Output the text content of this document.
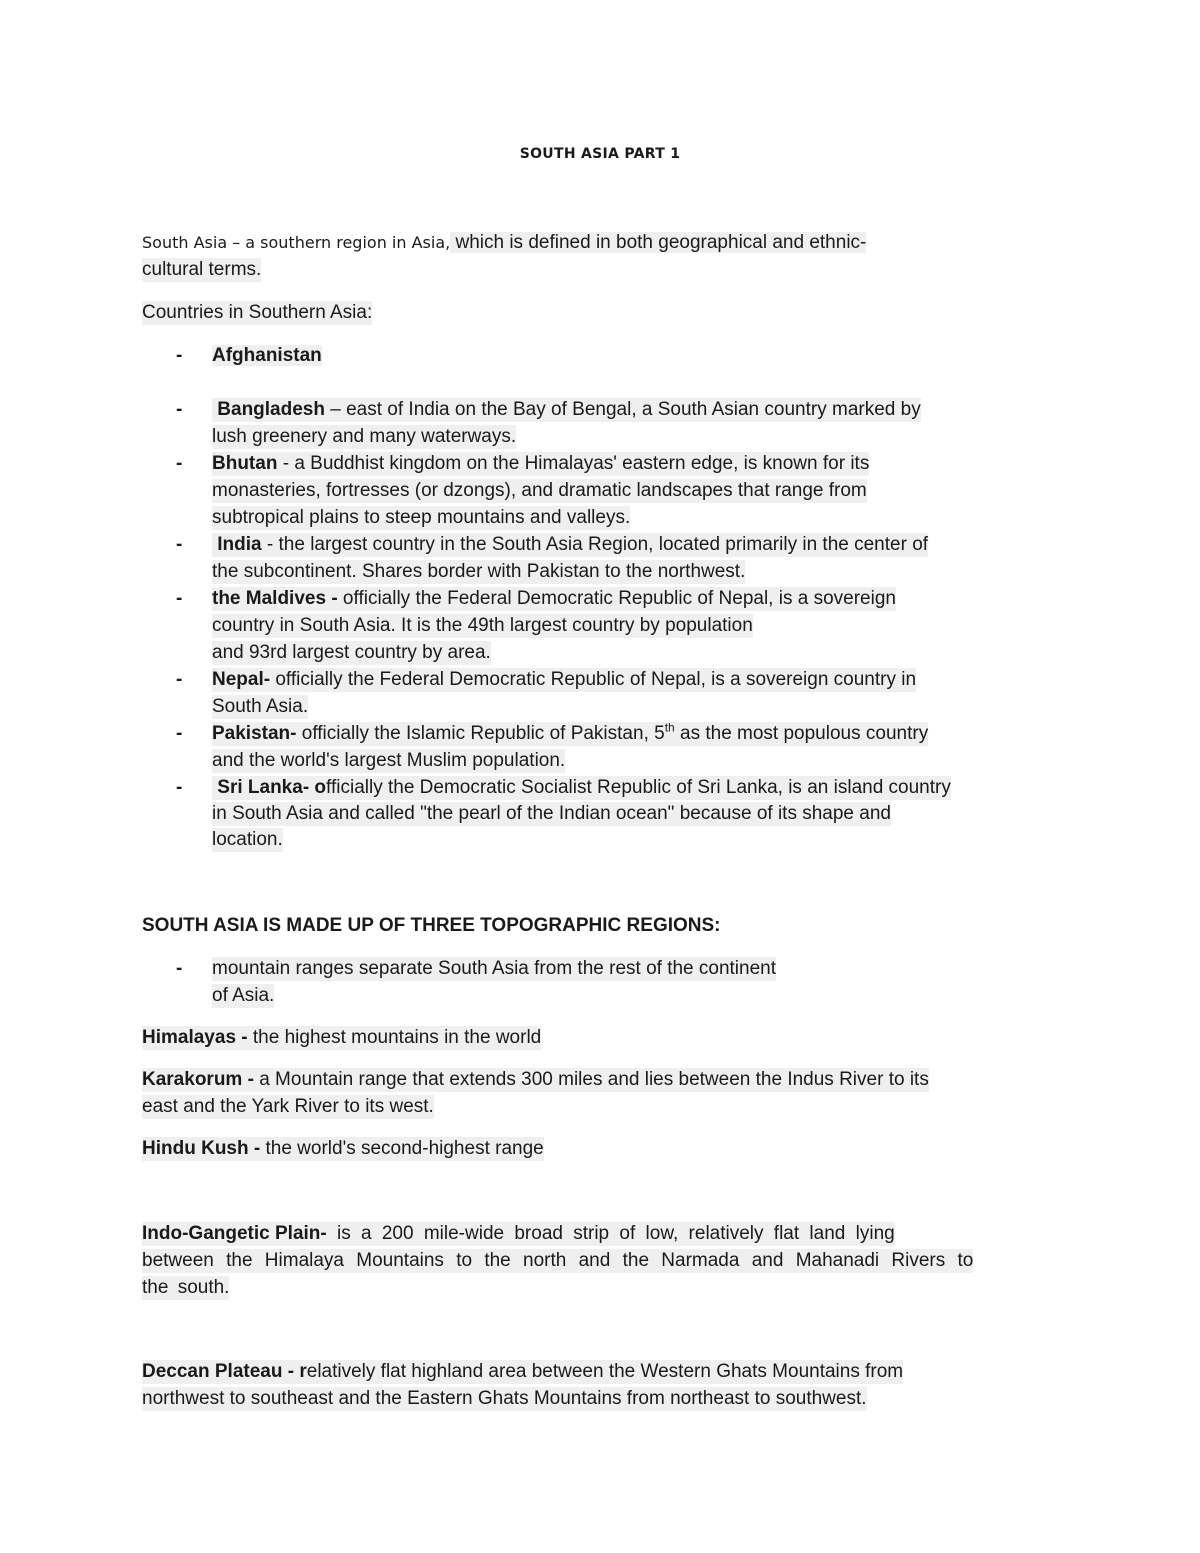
SOUTH ASIA PART 1
South Asia – a southern region in Asia, which is defined in both geographical and ethnic-
cultural terms.
Countries in Southern Asia:
- Afghanistan
- Bangladesh – east of India on the Bay of Bengal, a South Asian country marked by
lush greenery and many waterways.
- Bhutan - a Buddhist kingdom on the Himalayas' eastern edge, is known for its
monasteries, fortresses (or dzongs), and dramatic landscapes that range from
subtropical plains to steep mountains and valleys.
- India - the largest country in the South Asia Region, located primarily in the center of
the subcontinent. Shares border with Pakistan to the northwest.
- the Maldives - officially the Federal Democratic Republic of Nepal, is a sovereign
country in South Asia. It is the 49th largest country by population
and 93rd largest country by area.
- Nepal- officially the Federal Democratic Republic of Nepal, is a sovereign country in
South Asia.
- Pakistan- officially the Islamic Republic of Pakistan, 5th as the most populous country
and the world's largest Muslim population.
- Sri Lanka- officially the Democratic Socialist Republic of Sri Lanka, is an island country
in South Asia and called "the pearl of the Indian ocean" because of its shape and
location.
SOUTH ASIA IS MADE UP OF THREE TOPOGRAPHIC REGIONS:
- mountain ranges separate South Asia from the rest of the continent
of Asia.
Himalayas - the highest mountains in the world
Karakorum - a Mountain range that extends 300 miles and lies between the Indus River to its
east and the Yark River to its west.
Hindu Kush - the world's second-highest range
Indo-Gangetic Plain- is a 200 mile-wide broad strip of low, relatively flat land lying
between the Himalaya Mountains to the north and the Narmada and Mahanadi Rivers to
the south.
Deccan Plateau - relatively flat highland area between the Western Ghats Mountains from
northwest to southeast and the Eastern Ghats Mountains from northeast to southwest.
